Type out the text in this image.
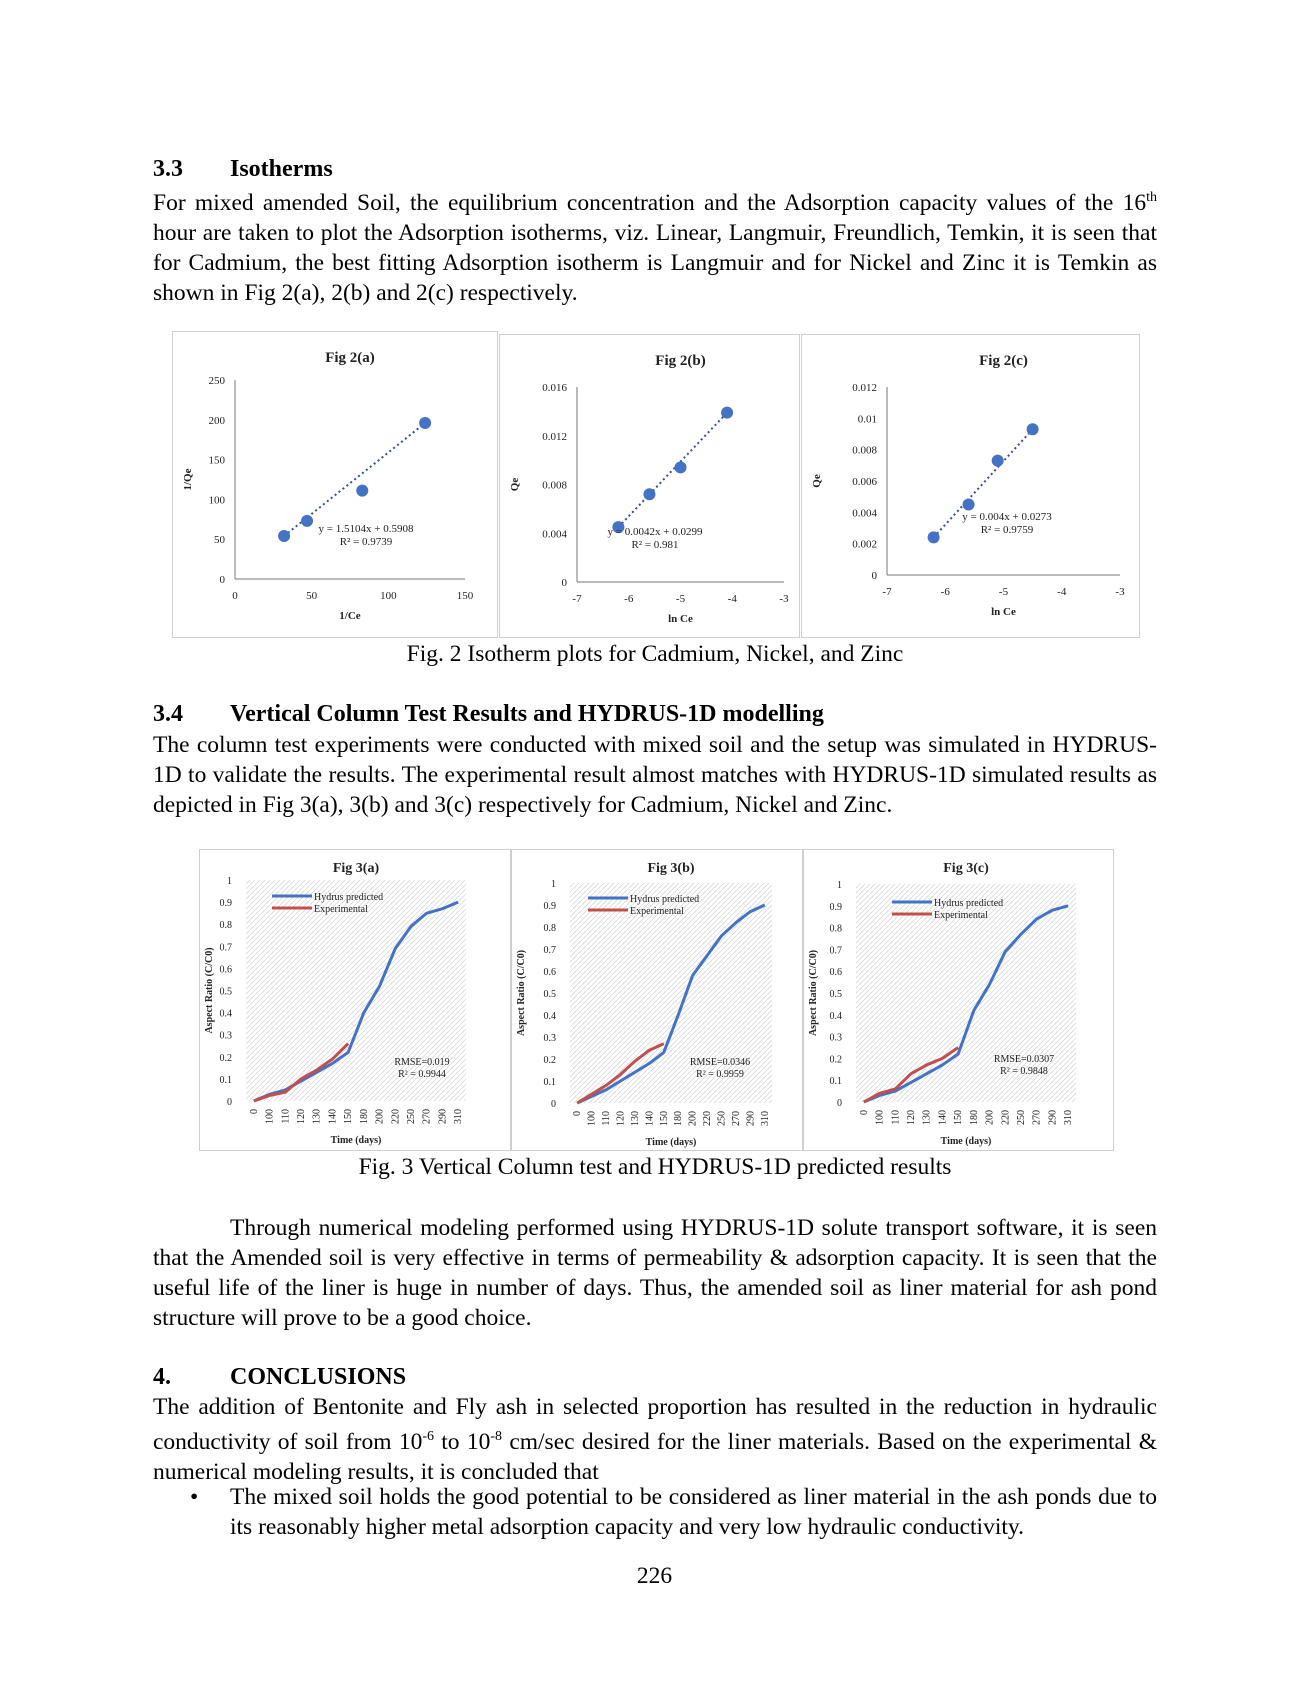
3.3 Isotherms

For mixed amended Soil, the equilibrium concentration and the Adsorption capacity values of the 16th hour are taken to plot the Adsorption isotherms, viz. Linear, Langmuir, Freundlich, Temkin, it is seen that for Cadmium, the best fitting Adsorption isotherm is Langmuir and for Nickel and Zinc it is Temkin as shown in Fig 2(a), 2(b) and 2(c) respectively.

Fig 2(a)
0
50
100
150
200
250
0	50	100	150
1/Ce
1/Qe
y = 1.5104x + 0.5908
R² = 0.9739
Fig 2(b)
0
0.004
0.008
0.012
0.016
-7	-6	-5	-4	-3
ln Ce
Qe
y = 0.0042x + 0.0299
R² = 0.981
Fig 2(c)
0
0.002
0.004
0.006
0.008
0.01
0.012
-7	-6	-5	-4	-3
ln Ce
Qe
y = 0.004x + 0.0273
R² = 0.9759
Fig. 2 Isotherm plots for Cadmium, Nickel, and Zinc
3.4 Vertical Column Test Results and HYDRUS-1D modelling

The column test experiments were conducted with mixed soil and the setup was simulated in HYDRUS-1D to validate the results. The experimental result almost matches with HYDRUS-1D simulated results as depicted in Fig 3(a), 3(b) and 3(c) respectively for Cadmium, Nickel and Zinc.

Fig 3(a)
0
0.1
0.2
0.3
0.4
0.5
0.6
0.7
0.8
0.9
1
0 100 110 120 130 140 150 180 200 220 250 270 290 310
Time (days)
Aspect Ratio (C/C0)
Hydrus predicted
Experimental
RMSE=0.019
R² = 0.9944
Fig 3(b)
0
0.1
0.2
0.3
0.4
0.5
0.6
0.7
0.8
0.9
1
0 100 110 120 130 140 150 180 200 220 250 270 290 310
Time (days)
Aspect Ratio (C/C0)
Hydrus predicted
Experimental
RMSE=0.0346
R² = 0.9959
Fig 3(c)
0
0.1
0.2
0.3
0.4
0.5
0.6
0.7
0.8
0.9
1
0 100 110 120 130 140 150 180 200 220 250 270 290 310
Time (days)
Aspect Ratio (C/C0)
Hydrus predicted
Experimental
RMSE=0.0307
R² = 0.9848
Fig. 3 Vertical Column test and HYDRUS-1D predicted results

Through numerical modeling performed using HYDRUS-1D solute transport software, it is seen that the Amended soil is very effective in terms of permeability & adsorption capacity. It is seen that the useful life of the liner is huge in number of days. Thus, the amended soil as liner material for ash pond structure will prove to be a good choice.

4. CONCLUSIONS

The addition of Bentonite and Fly ash in selected proportion has resulted in the reduction in hydraulic conductivity of soil from $10^{-6}$ to $10^{-8}$ cm/sec desired for the liner materials. Based on the experimental & numerical modeling results, it is concluded that

• The mixed soil holds the good potential to be considered as liner material in the ash ponds due to its reasonably higher metal adsorption capacity and very low hydraulic conductivity.

226
